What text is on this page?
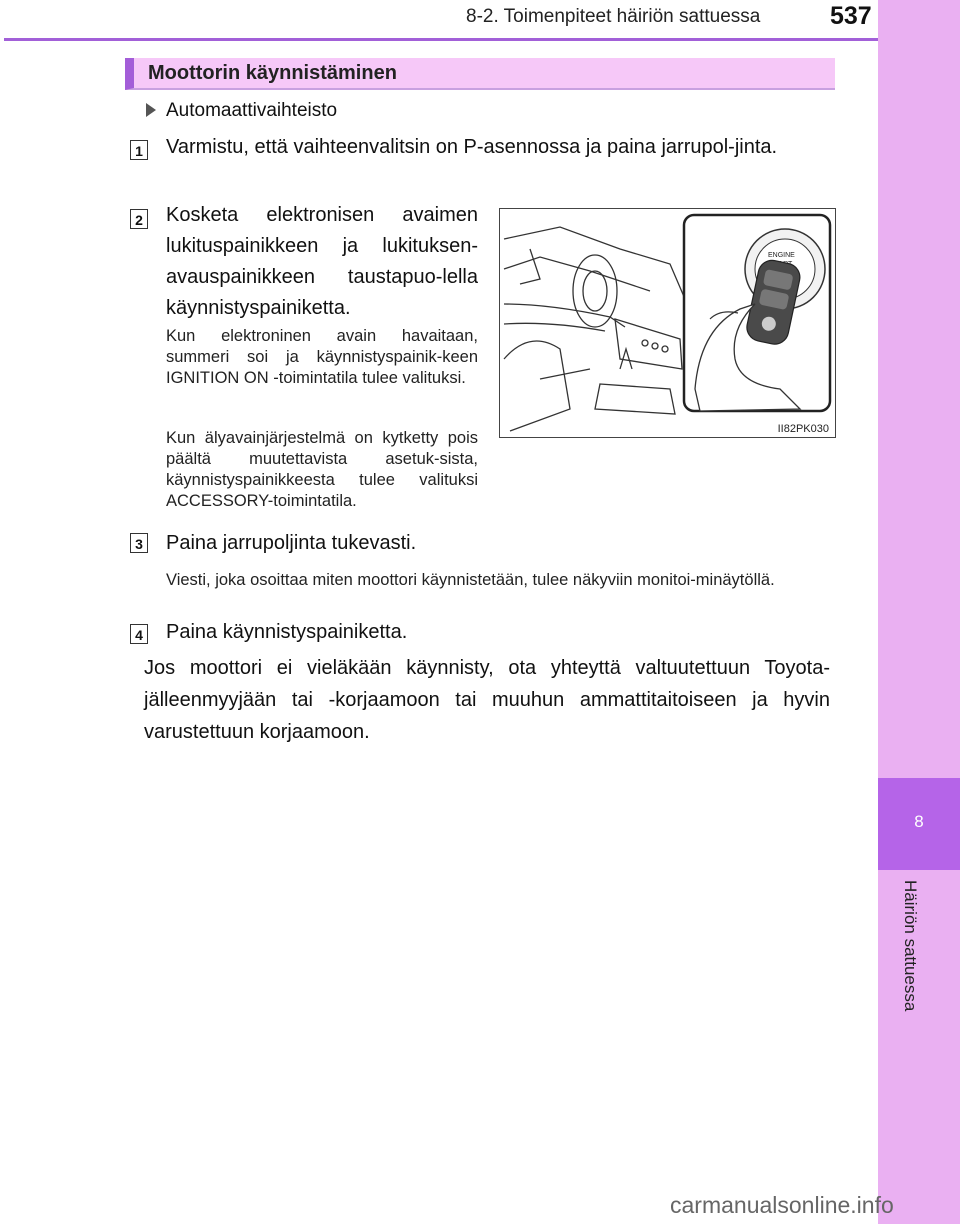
8-2. Toimenpiteet häiriön sattuessa	537
8
Häiriön sattuessa
Moottorin käynnistäminen
Automaattivaihteisto
1 Varmistu, että vaihteenvalitsin on P-asennossa ja paina jarrupol-jinta.
2 Kosketa elektronisen avaimen lukituspainikkeen ja lukituksen-avauspainikkeen taustapuo-lella käynnistyspainiketta.
Kun elektroninen avain havaitaan, summeri soi ja käynnistyspainik-keen IGNITION ON -toimintatila tulee valituksi.
Kun älyavainjärjestelmä on kytketty pois päältä muutettavista asetuk-sista, käynnistyspainikkeesta tulee valituksi ACCESSORY-toimintatila.
ENGINE
II82PK030
3 Paina jarrupoljinta tukevasti.
Viesti, joka osoittaa miten moottori käynnistetään, tulee näkyviin monitoi-minäytöllä.
4 Paina käynnistyspainiketta.
Jos moottori ei vieläkään käynnisty, ota yhteyttä valtuutettuun Toyota-jälleenmyyjään tai -korjaamoon tai muuhun ammattitaitoiseen ja hyvin varustettuun korjaamoon.
carmanualsonline.info
